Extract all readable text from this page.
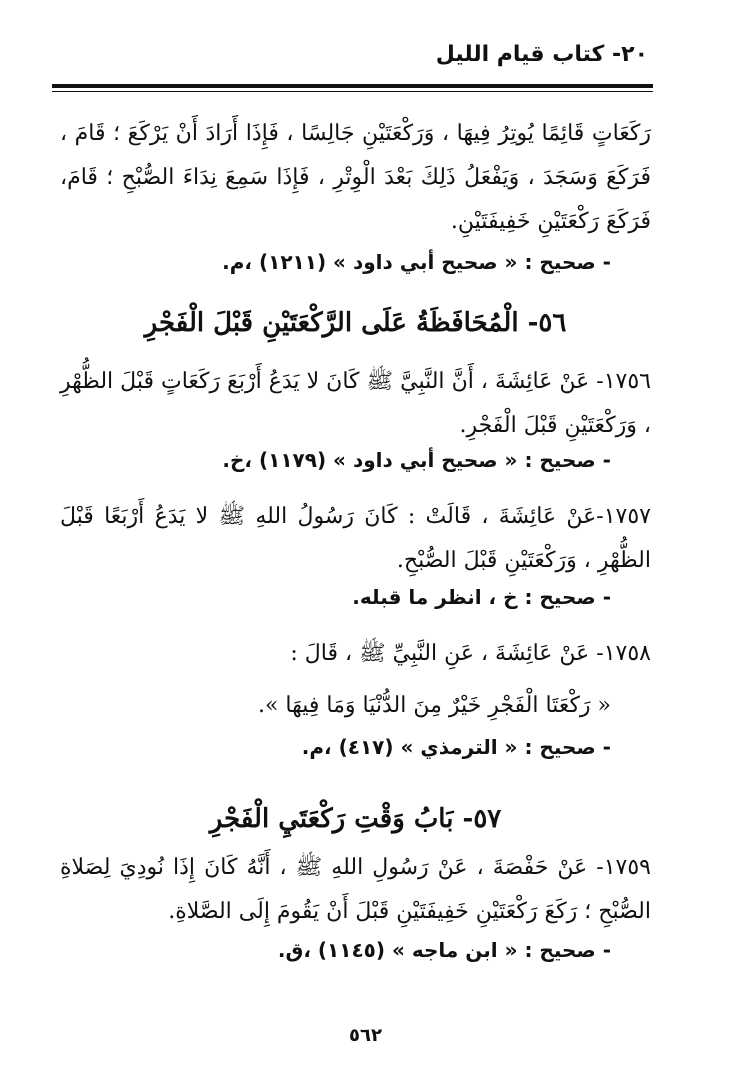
٢٠- كتاب قيام الليل
رَكَعَاتٍ قَائِمًا يُوتِرُ فِيهَا ، وَرَكْعَتَيْنِ جَالِسًا ، فَإِذَا أَرَادَ أَنْ يَرْكَعَ ؛ قَامَ ، فَرَكَعَ وَسَجَدَ ، وَيَفْعَلُ ذَلِكَ بَعْدَ الْوِتْرِ ، فَإِذَا سَمِعَ نِدَاءَ الصُّبْحِ ؛ قَامَ، فَرَكَعَ رَكْعَتَيْنِ خَفِيفَتَيْنِ.
- صحيح : « صحيح أبي داود » (١٢١١) ،م.
٥٦- الْمُحَافَظَةُ عَلَى الرَّكْعَتَيْنِ قَبْلَ الْفَجْرِ
١٧٥٦- عَنْ عَائِشَةَ ، أَنَّ النَّبِيَّ ﷺ كَانَ لا يَدَعُ أَرْبَعَ رَكَعَاتٍ قَبْلَ الظُّهْرِ ، وَرَكْعَتَيْنِ قَبْلَ الْفَجْرِ.
- صحيح : « صحيح أبي داود » (١١٧٩) ،خ.
١٧٥٧-عَنْ عَائِشَةَ ، قَالَتْ : كَانَ رَسُولُ اللهِ ﷺ لا يَدَعُ أَرْبَعًا قَبْلَ الظُّهْرِ ، وَرَكْعَتَيْنِ قَبْلَ الصُّبْحِ.
- صحيح : خ ، انظر ما قبله.
١٧٥٨- عَنْ عَائِشَةَ ، عَنِ النَّبِيِّ ﷺ ، قَالَ :
« رَكْعَتَا الْفَجْرِ خَيْرٌ مِنَ الدُّنْيَا وَمَا فِيهَا ».
- صحيح : « الترمذي » (٤١٧) ،م.
٥٧- بَابُ وَقْتِ رَكْعَتَيِ الْفَجْرِ
١٧٥٩- عَنْ حَفْصَةَ ، عَنْ رَسُولِ اللهِ ﷺ ، أَنَّهُ كَانَ إِذَا نُودِيَ لِصَلاةِ الصُّبْحِ ؛ رَكَعَ رَكْعَتَيْنِ خَفِيفَتَيْنِ قَبْلَ أَنْ يَقُومَ إِلَى الصَّلاةِ.
- صحيح : « ابن ماجه » (١١٤٥) ،ق.
٥٦٢
